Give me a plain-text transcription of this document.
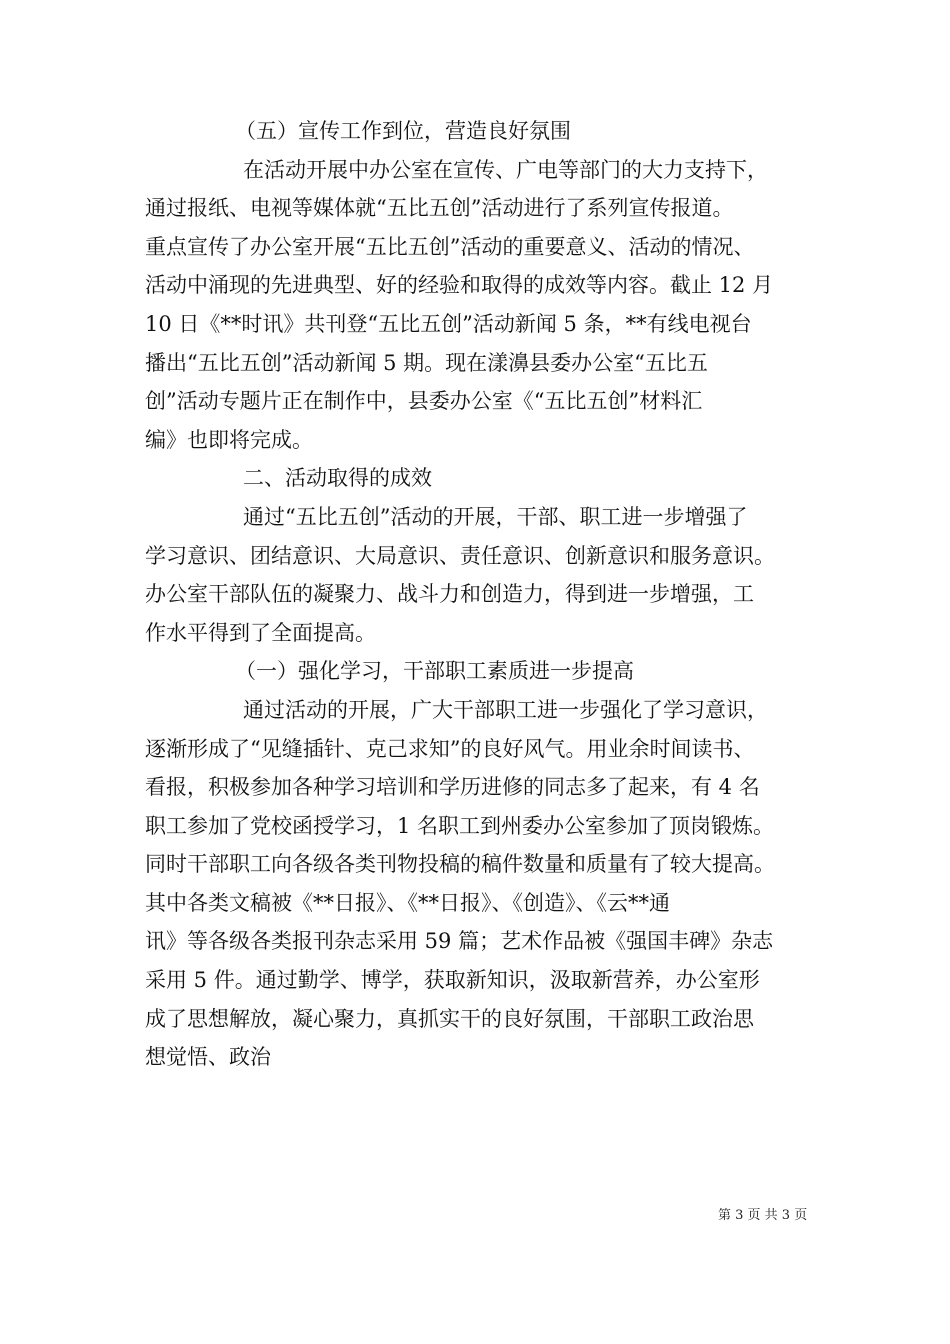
（五）宣传工作到位，营造良好氛围
在活动开展中办公室在宣传、广电等部门的大力支持下，
通过报纸、电视等媒体就“五比五创”活动进行了系列宣传报道。
重点宣传了办公室开展“五比五创”活动的重要意义、活动的情况、
活动中涌现的先进典型、好的经验和取得的成效等内容。截止 12 月
10 日《**时讯》共刊登“五比五创”活动新闻 5 条，**有线电视台
播出“五比五创”活动新闻 5 期。现在漾濞县委办公室“五比五
创”活动专题片正在制作中，县委办公室《“五比五创”材料汇
编》也即将完成。
二、活动取得的成效
通过“五比五创”活动的开展，干部、职工进一步增强了
学习意识、团结意识、大局意识、责任意识、创新意识和服务意识。
办公室干部队伍的凝聚力、战斗力和创造力，得到进一步增强，工
作水平得到了全面提高。
（一）强化学习，干部职工素质进一步提高
通过活动的开展，广大干部职工进一步强化了学习意识，
逐渐形成了“见缝插针、克己求知”的良好风气。用业余时间读书、
看报，积极参加各种学习培训和学历进修的同志多了起来，有 4 名
职工参加了党校函授学习，1 名职工到州委办公室参加了顶岗锻炼。
同时干部职工向各级各类刊物投稿的稿件数量和质量有了较大提高。
其中各类文稿被《**日报》、《**日报》、《创造》、《云**通
讯》等各级各类报刊杂志采用 59 篇；艺术作品被《强国丰碑》杂志
采用 5 件。通过勤学、博学，获取新知识，汲取新营养，办公室形
成了思想解放，凝心聚力，真抓实干的良好氛围，干部职工政治思
想觉悟、政治
第 3 页 共 3 页
